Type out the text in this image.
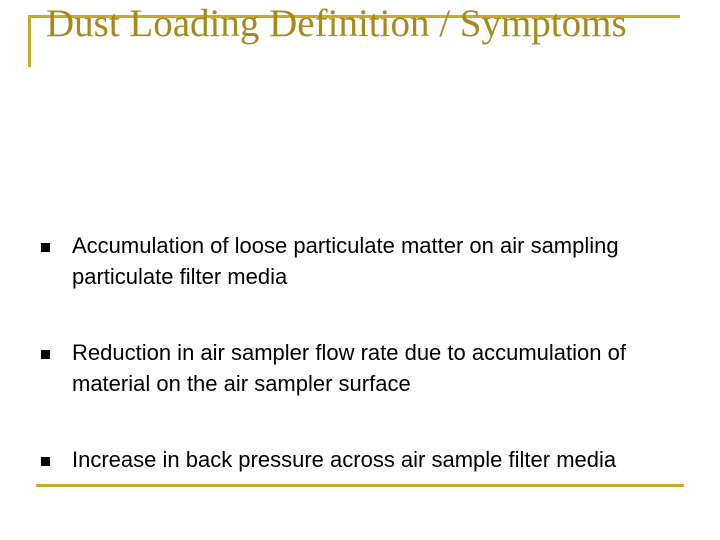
Dust Loading Definition / Symptoms
Accumulation of loose particulate matter on air sampling particulate filter media
Reduction in air sampler flow rate due to accumulation of material on the air sampler surface
Increase in back pressure across air sample filter media
